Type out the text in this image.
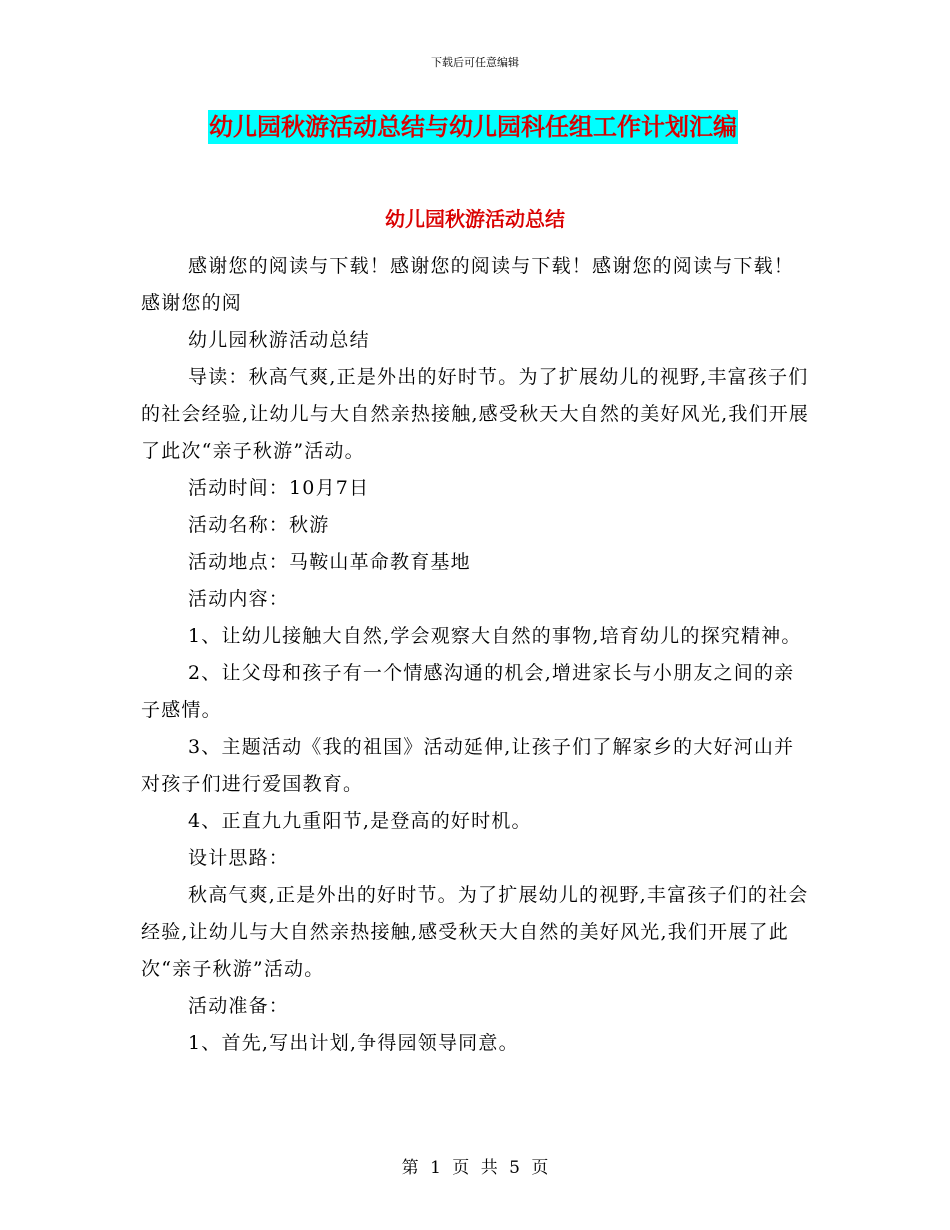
下载后可任意编辑
幼儿园秋游活动总结与幼儿园科任组工作计划汇编
幼儿园秋游活动总结

感谢您的阅读与下载！感谢您的阅读与下载！感谢您的阅读与下载！感谢您的阅

幼儿园秋游活动总结

导读：秋高气爽,正是外出的好时节。为了扩展幼儿的视野,丰富孩子们的社会经验,让幼儿与大自然亲热接触,感受秋天大自然的美好风光,我们开展了此次“亲子秋游”活动。

活动时间：10月7日

活动名称：秋游

活动地点：马鞍山革命教育基地

活动内容：

1、让幼儿接触大自然,学会观察大自然的事物,培育幼儿的探究精神。

2、让父母和孩子有一个情感沟通的机会,增进家长与小朋友之间的亲子感情。

3、主题活动《我的祖国》活动延伸,让孩子们了解家乡的大好河山并对孩子们进行爱国教育。

4、正直九九重阳节,是登高的好时机。

设计思路：

秋高气爽,正是外出的好时节。为了扩展幼儿的视野,丰富孩子们的社会经验,让幼儿与大自然亲热接触,感受秋天大自然的美好风光,我们开展了此次“亲子秋游”活动。

活动准备：

1、首先,写出计划,争得园领导同意。

第 1 页 共 5 页
